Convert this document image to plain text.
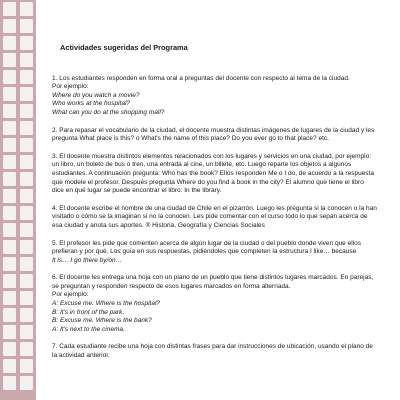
Actividades sugeridas del Programa

1. Los estudiantes responden en forma oral a preguntas del docente con respecto al tema de la ciudad.

Por ejemplo:

Where do you watch a movie?

Who works at the hospital?

What can you do at the shopping mall?

2. Para repasar el vocabulario de la ciudad, el docente muestra distintas imágenes de lugares de la ciudad y les pregunta What place is this? o What's the name of this place? Do you ever go to that place? etc.

3. El docente muestra distintos elementos relacionados con los lugares y servicios en una ciudad, por ejemplo: un libro, un boleto de bus o tren, una entrada al cine, un billete, etc. Luego reparte los objetos a algunos estudiantes. A continuación pregunta: Who has the book? Ellos responden Me o I do, de acuerdo a la respuesta que modele el profesor. Después pregunta Where do you find a book in the city? El alumno que tiene el libro dice en qué lugar se puede encontrar el libro: In the library.

4. El docente escribe el nombre de una ciudad de Chile en el pizarrón. Luego les pregunta si la conocen o la han visitado o cómo se la imaginan si no la conocen. Les pide comentar con el curso todo lo que sepan acerca de esa ciudad y anota sus aportes. ® Historia, Geografía y Ciencias Sociales

5. El profesor les pide que comenten acerca de algún lugar de la ciudad o del pueblo donde viven que ellos prefieran y por qué. Los guía en sus respuestas, pidiéndoles que completen la estructura I like… because

It is… I go there by/on…

6. El docente les entrega una hoja con un plano de un pueblo que tiene distintos lugares marcados. En parejas, se preguntan y responden respecto de esos lugares marcados en forma alternada.

Por ejemplo:

A: Excuse me. Where is the hospital?

B: It's in front of the park.

B: Excuse me. Where is the bank?

A: It's next to the cinema.

7. Cada estudiante recibe una hoja con distintas frases para dar instrucciones de ubicación, usando el plano de la actividad anterior.
